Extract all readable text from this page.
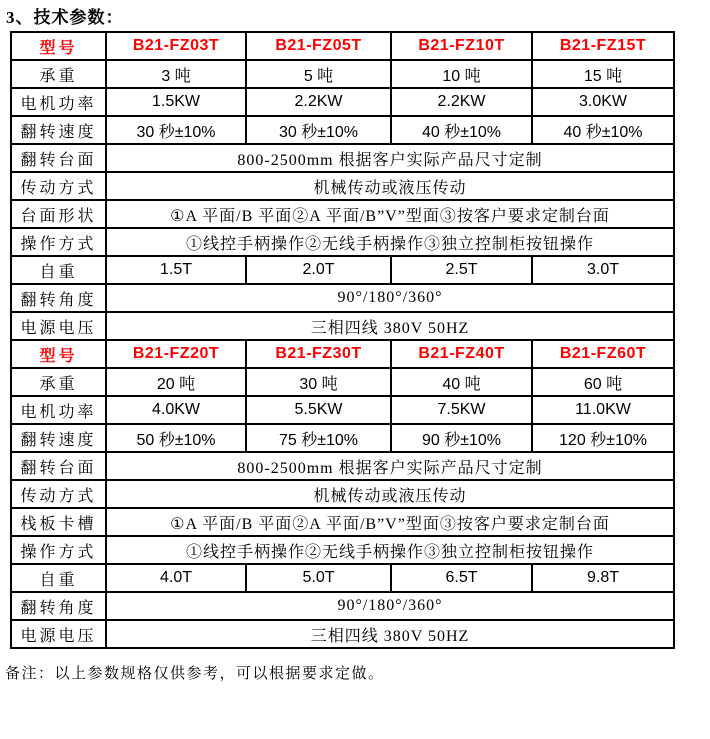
3、技术参数：
型号	B21-FZ03T	B21-FZ05T	B21-FZ10T	B21-FZ15T
承重	3 吨	5 吨	10 吨	15 吨
电机功率	1.5KW	2.2KW	2.2KW	3.0KW
翻转速度	30 秒±10%	30 秒±10%	40 秒±10%	40 秒±10%
翻转台面	800-2500mm 根据客户实际产品尺寸定制			
传动方式	机械传动或液压传动			
台面形状	①A 平面/B 平面②A 平面/B”V”型面③按客户要求定制台面			
操作方式	①线控手柄操作②无线手柄操作③独立控制柜按钮操作			
自重	1.5T	2.0T	2.5T	3.0T
翻转角度	90°/180°/360°			
电源电压	三相四线 380V 50HZ			
型号	B21-FZ20T	B21-FZ30T	B21-FZ40T	B21-FZ60T
承重	20 吨	30 吨	40 吨	60 吨
电机功率	4.0KW	5.5KW	7.5KW	11.0KW
翻转速度	50 秒±10%	75 秒±10%	90 秒±10%	120 秒±10%
翻转台面	800-2500mm 根据客户实际产品尺寸定制			
传动方式	机械传动或液压传动			
栈板卡槽	①A 平面/B 平面②A 平面/B”V”型面③按客户要求定制台面			
操作方式	①线控手柄操作②无线手柄操作③独立控制柜按钮操作			
自重	4.0T	5.0T	6.5T	9.8T
翻转角度	90°/180°/360°			
电源电压	三相四线 380V 50HZ			
备注：以上参数规格仅供参考，可以根据要求定做。
